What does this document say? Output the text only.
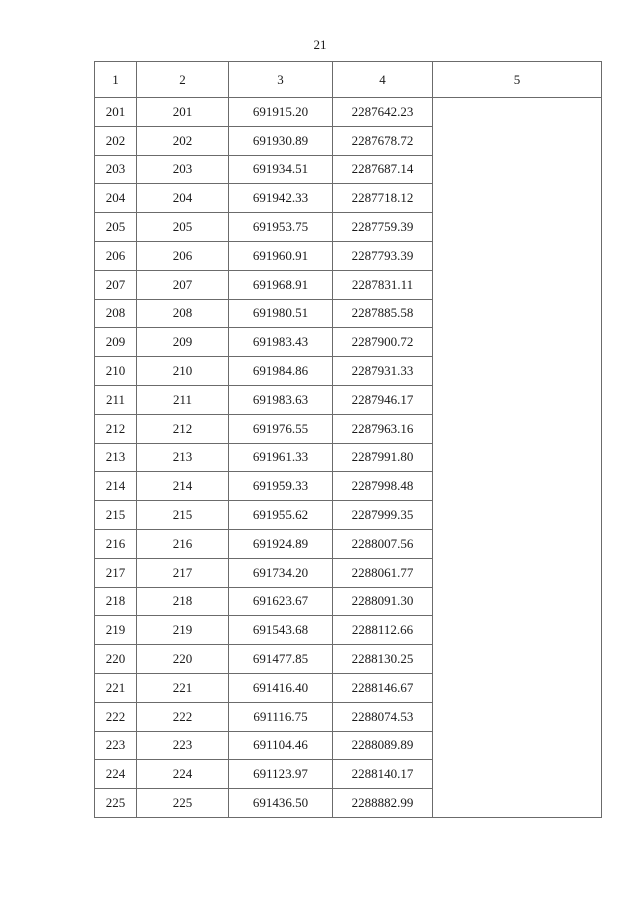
21
1	2	3	4	5
201	201	691915.20	2287642.23	
202	202	691930.89	2287678.72	
203	203	691934.51	2287687.14	
204	204	691942.33	2287718.12	
205	205	691953.75	2287759.39	
206	206	691960.91	2287793.39	
207	207	691968.91	2287831.11	
208	208	691980.51	2287885.58	
209	209	691983.43	2287900.72	
210	210	691984.86	2287931.33	
211	211	691983.63	2287946.17	
212	212	691976.55	2287963.16	
213	213	691961.33	2287991.80	
214	214	691959.33	2287998.48	
215	215	691955.62	2287999.35	
216	216	691924.89	2288007.56	
217	217	691734.20	2288061.77	
218	218	691623.67	2288091.30	
219	219	691543.68	2288112.66	
220	220	691477.85	2288130.25	
221	221	691416.40	2288146.67	
222	222	691116.75	2288074.53	
223	223	691104.46	2288089.89	
224	224	691123.97	2288140.17	
225	225	691436.50	2288882.99	
